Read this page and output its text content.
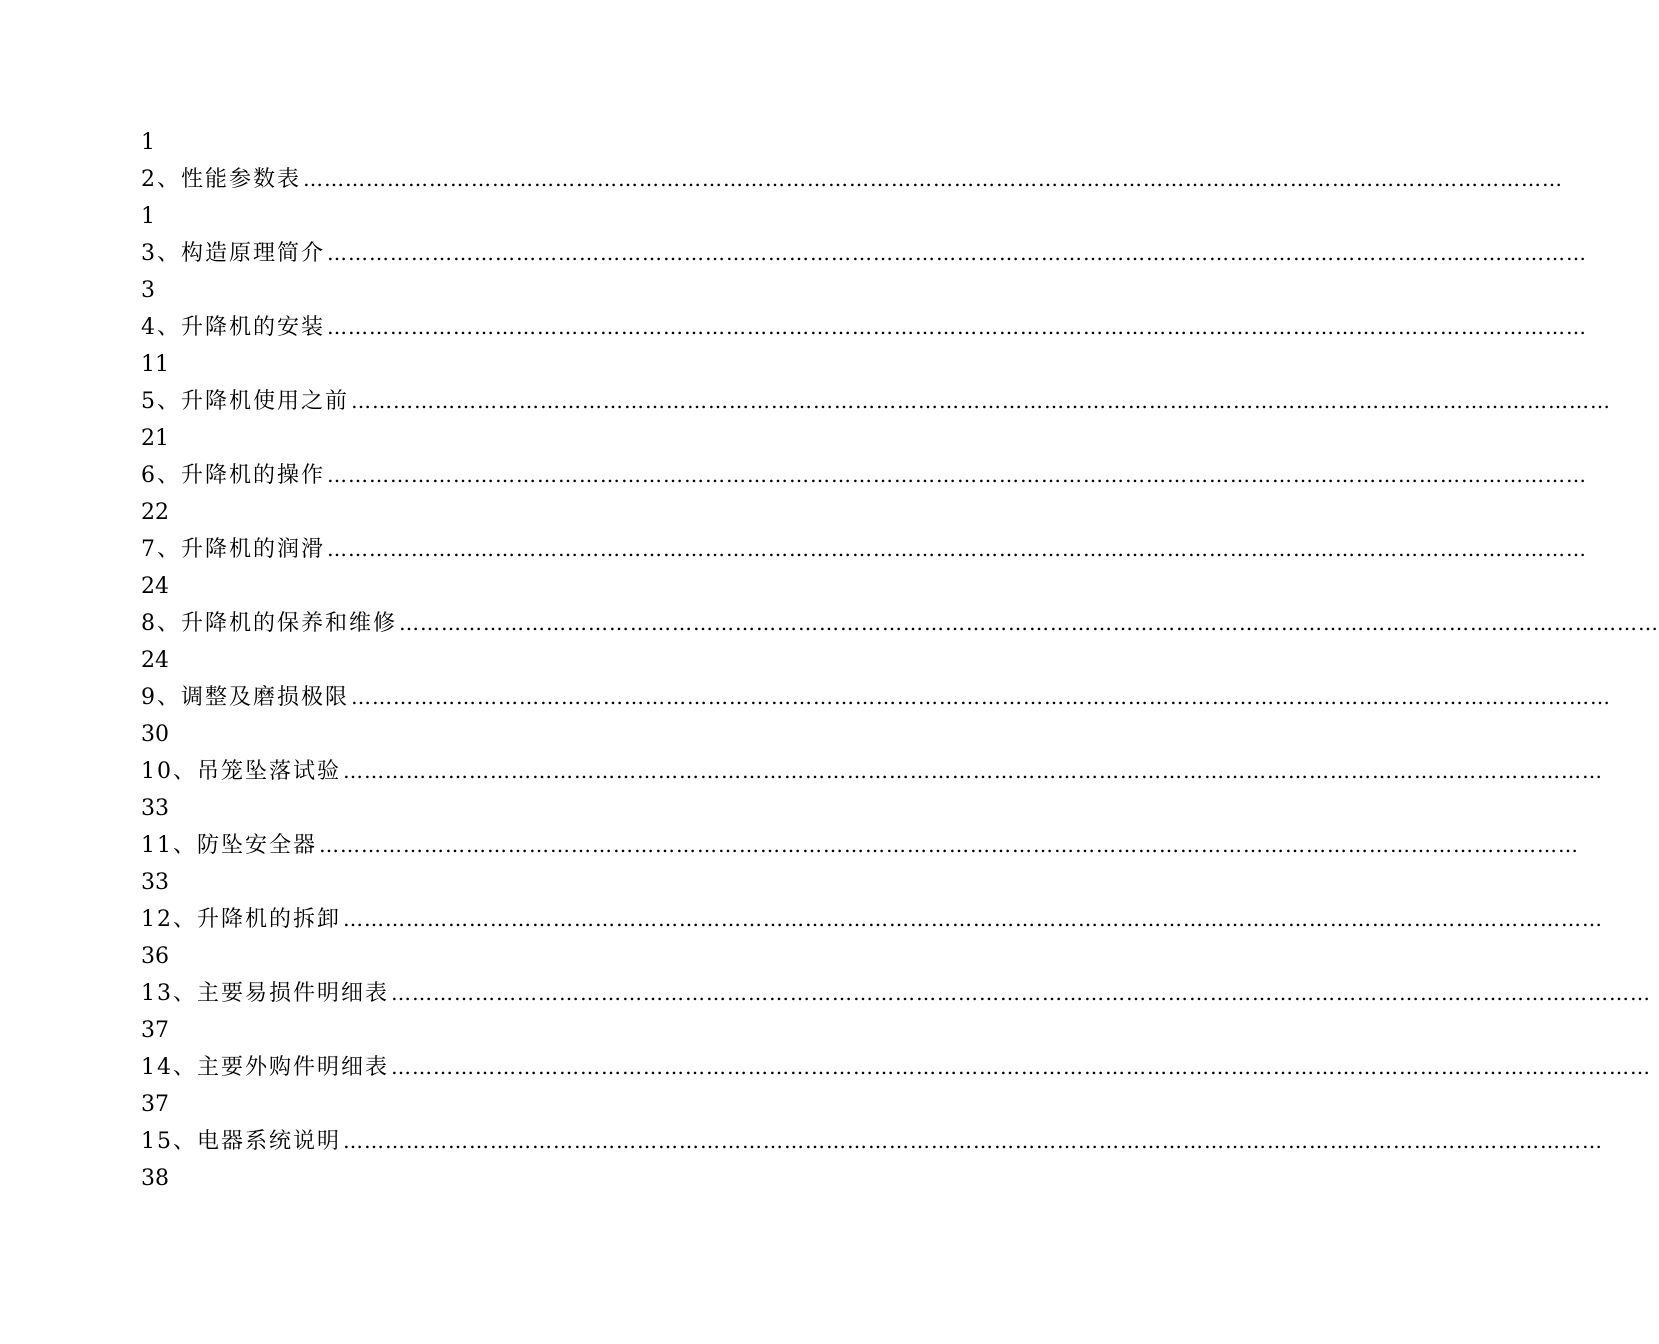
1
2、性能参数表 ………………………………………………………………………………………………………………………………………………………………
1
3、构造原理简介 ………………………………………………………………………………………………………………………………………………………………
3
4、升降机的安装 ………………………………………………………………………………………………………………………………………………………………
11
5、升降机使用之前 ………………………………………………………………………………………………………………………………………………………………
21
6、升降机的操作 ………………………………………………………………………………………………………………………………………………………………
22
7、升降机的润滑 ………………………………………………………………………………………………………………………………………………………………
24
8、升降机的保养和维修 ………………………………………………………………………………………………………………………………………………………………
24
9、调整及磨损极限 ………………………………………………………………………………………………………………………………………………………………
30
10、吊笼坠落试验 ………………………………………………………………………………………………………………………………………………………………
33
11、防坠安全器 ………………………………………………………………………………………………………………………………………………………………
33
12、升降机的拆卸 ………………………………………………………………………………………………………………………………………………………………
36
13、主要易损件明细表 ………………………………………………………………………………………………………………………………………………………………
37
14、主要外购件明细表 ………………………………………………………………………………………………………………………………………………………………
37
15、电器系统说明 ………………………………………………………………………………………………………………………………………………………………
38
